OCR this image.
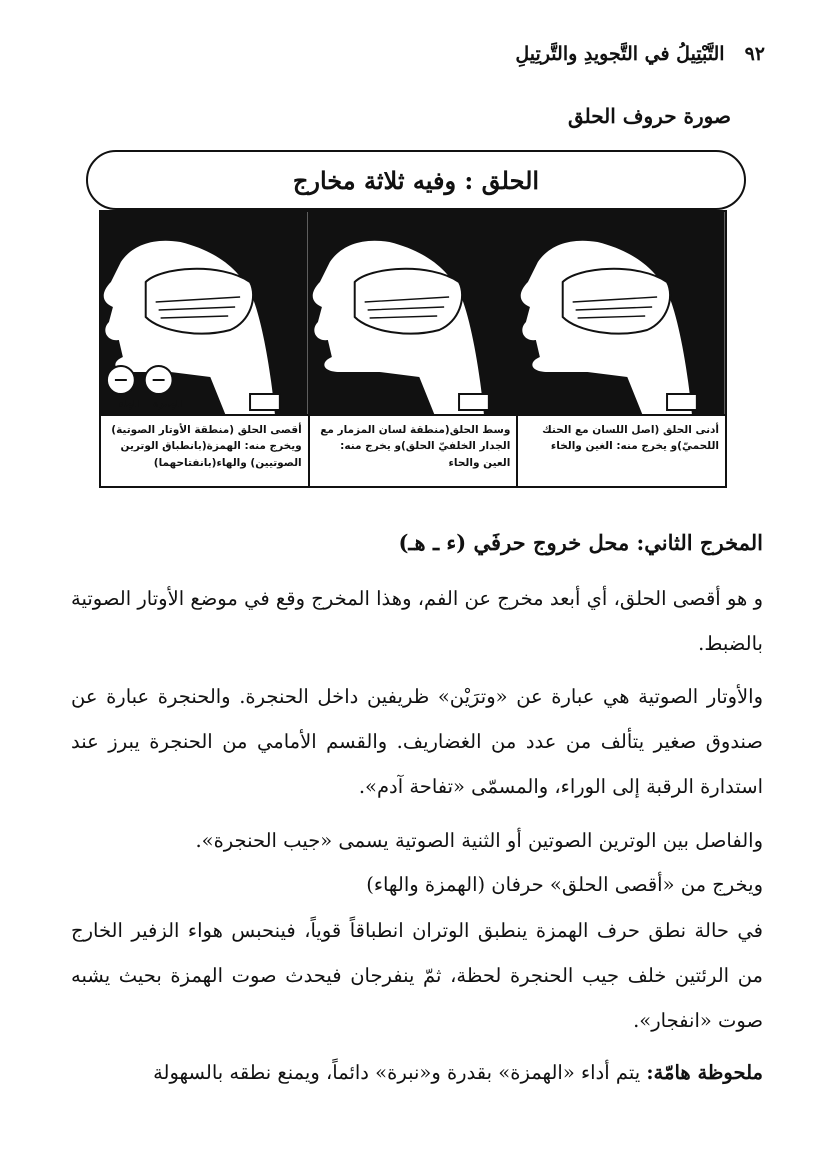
٩٢
التَّبْتِيلُ في التَّجويدِ والتَّرتِيلِ
صورة حروف الحلق
الحلق : وفيه ثلاثة مخارج
الهاء الهمزة
أقصى الحلق (منطقة الأوتار الصوتية) ويخرج منه: الهمزة(بانطباق الوترين الصوتيين) والهاء(بانفتاحهما)
وسط الحلق(منطقة لسان المزمار مع الجدار الخلفيّ الحلق)و يخرج منه: العين والحاء
أدنى الحلق (اصل اللسان مع الحنك اللحميّ)و يخرج منه: الغين والخاء
المخرج الثاني: محل خروج حرفَي (ء ـ هـ)
و هو أقصى الحلق، أي أبعد مخرج عن الفم، وهذا المخرج وقع في موضع الأوتار الصوتية بالضبط.
والأوتار الصوتية هي عبارة عن «وترَيْن» ظريفين داخل الحنجرة. والحنجرة عبارة عن صندوق صغير يتألف من عدد من الغضاريف. والقسم الأمامي من الحنجرة يبرز عند استدارة الرقبة إلى الوراء، والمسمّى «تفاحة آدم».
والفاصل بين الوترين الصوتين أو الثنية الصوتية يسمى «جيب الحنجرة».
ويخرج من «أقصى الحلق» حرفان (الهمزة والهاء)
في حالة نطق حرف الهمزة ينطبق الوتران انطباقاً قوياً، فينحبس هواء الزفير الخارج من الرئتين خلف جيب الحنجرة لحظة، ثمّ ينفرجان فيحدث صوت الهمزة بحيث يشبه صوت «انفجار».
ملحوظة هامّة: يتم أداء «الهمزة» بقدرة و«نبرة» دائماً، ويمنع نطقه بالسهولة
